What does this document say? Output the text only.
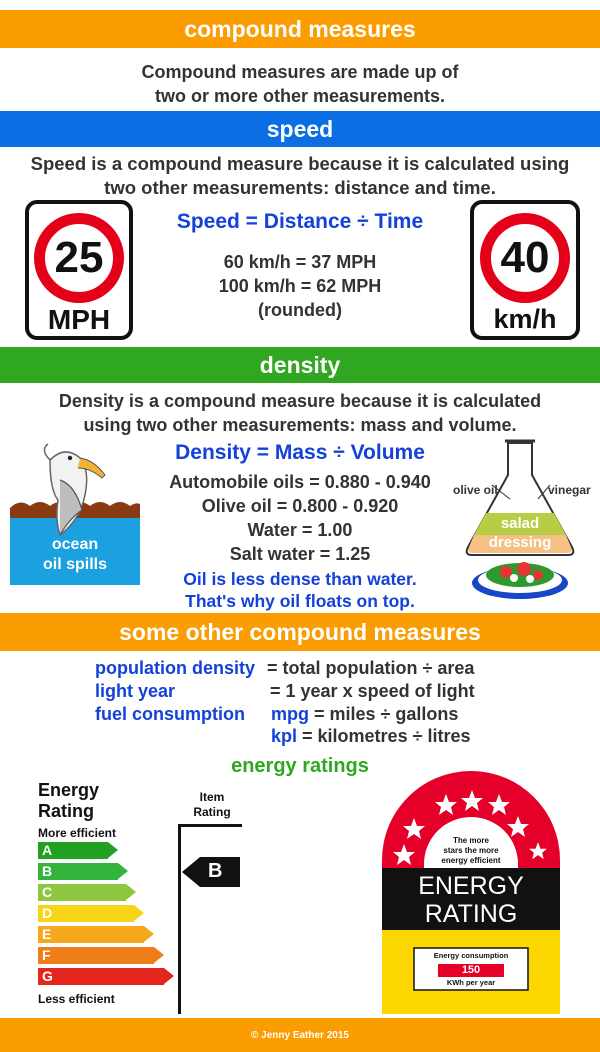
compound measures
Compound measures are made up of
two or more other measurements.
speed
Speed is a compound measure because it is calculated using
two other measurements: distance and time.
25
MPH
40
km/h
Speed = Distance ÷ Time
60 km/h = 37 MPH
100 km/h = 62 MPH
(rounded)
density
Density is a compound measure because it is calculated
using two other measurements: mass and volume.
ocean
oil spills
Density = Mass ÷ Volume
Automobile oils = 0.880 - 0.940
Olive oil = 0.800 - 0.920
Water = 1.00
Salt water = 1.25
Oil is less dense than water.
That's why oil floats on top.
olive oil	vinegar
salad
dressing
some other compound measures
population density = total population ÷ area
light year	= 1 year x speed of light
fuel consumption mpg = miles ÷ gallons
kpl = kilometres ÷ litres
energy ratings
Energy
Rating
More efficient
A
B
C
D
E
F
G
Less efficient
Item
Rating
B
The more
stars the more
energy efficient
ENERGY
RATING
Energy consumption
150
KWh per year
© Jenny Eather 2015
